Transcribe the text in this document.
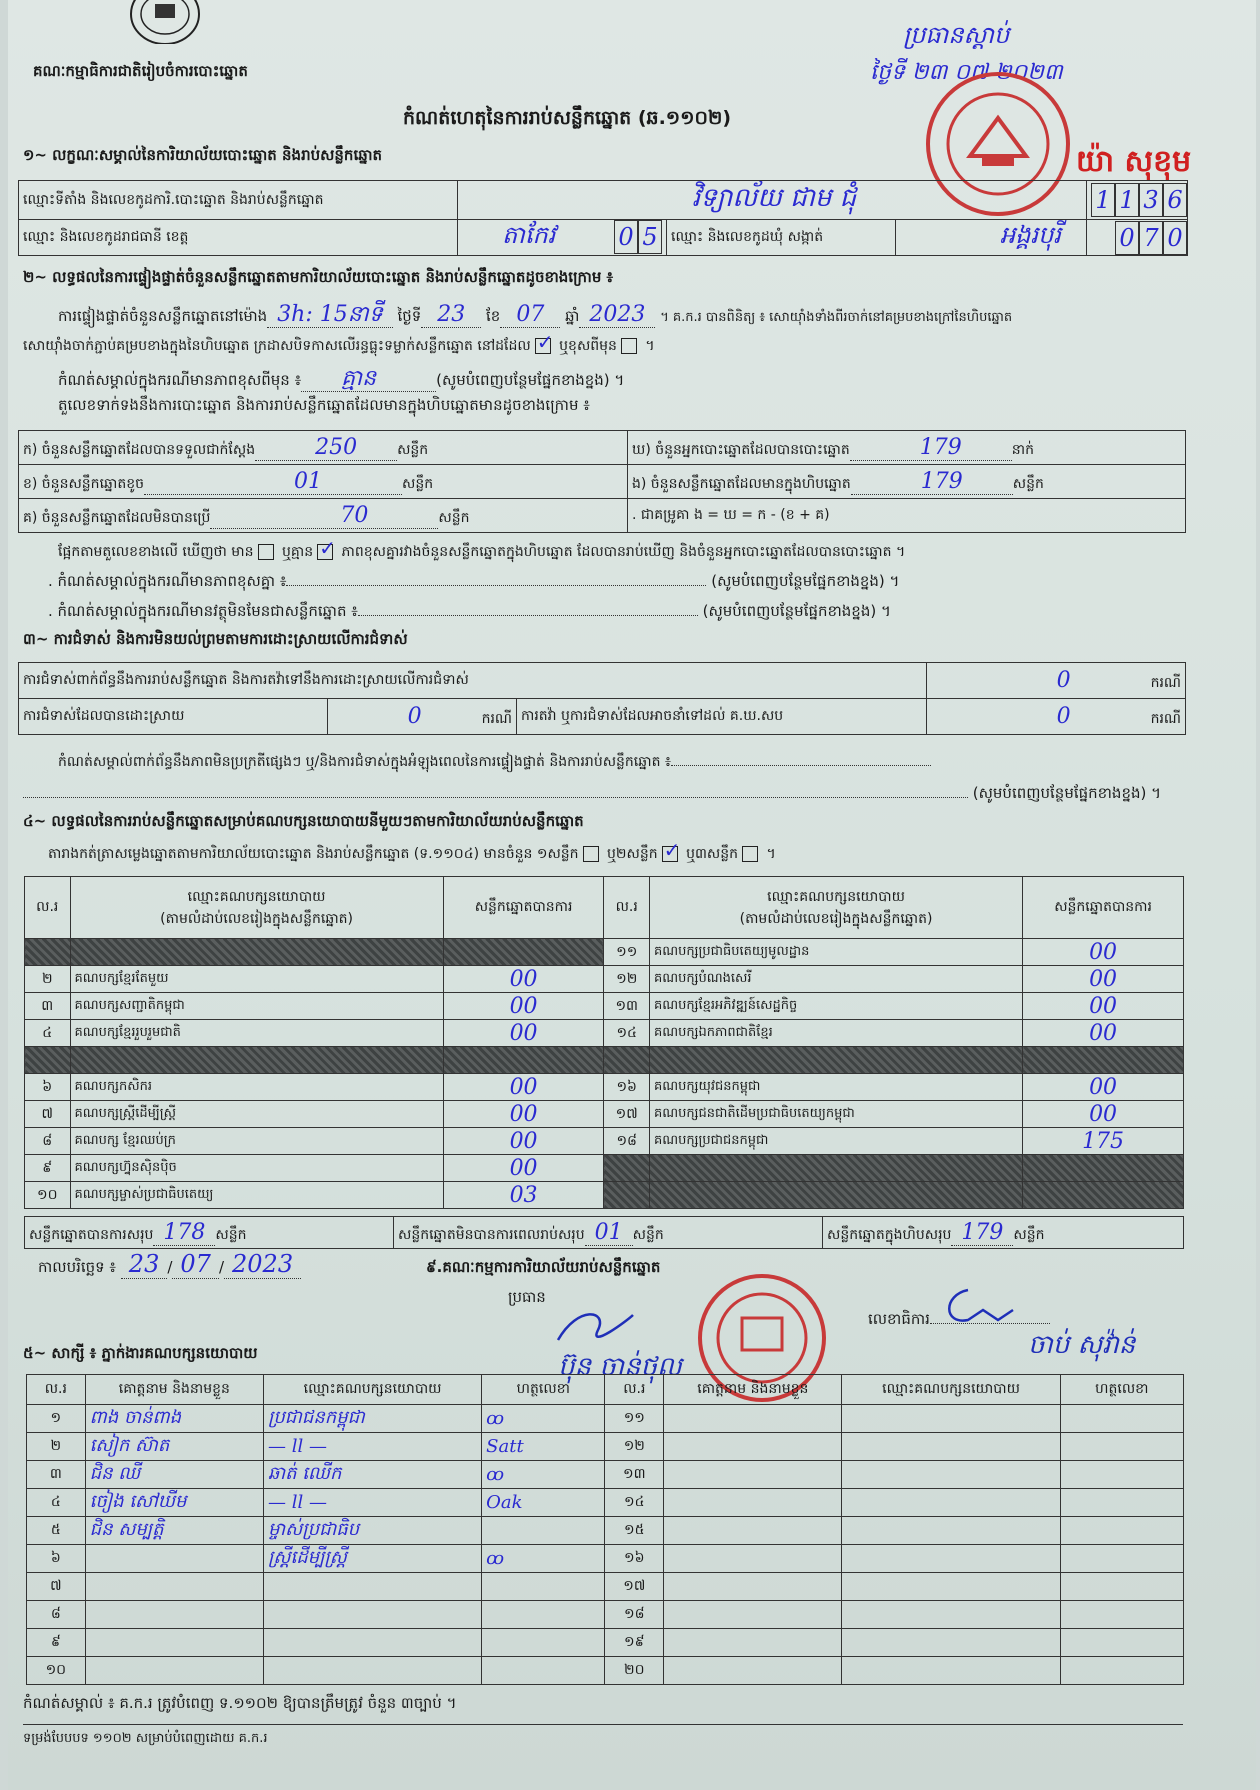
គណៈកម្មាធិការជាតិរៀបចំការបោះឆ្នោត
កំណត់ហេតុនៃការរាប់សន្លឹកឆ្នោត (ឆ.១១០២)
ប្រធានស្តាប់
ថ្ងៃទី ២៣ ០៧ ២០២៣
យ៉ា សុខុម
១~ លក្ខណៈសម្គាល់នៃការិយាល័យបោះឆ្នោត និងរាប់សន្លឹកឆ្នោត
ឈ្មោះទីតាំង និងលេខកូដការិ.បោះឆ្នោត និងរាប់សន្លឹកឆ្នោត	វិទ្យាល័យ ជាម ជុំ			1 1 3 6
ឈ្មោះ និងលេខកូដរាជធានី ខេត្ត	តាកែវ 0 5	ឈ្មោះ និងលេខកូដឃុំ សង្កាត់	អង្គរបុរី	0 7 0
២~ លទ្ធផលនៃការផ្ទៀងផ្ទាត់ចំនួនសន្លឹកឆ្នោតតាមការិយាល័យបោះឆ្នោត និងរាប់សន្លឹកឆ្នោតដូចខាងក្រោម ៖
ការផ្ទៀងផ្ទាត់ចំនួនសន្លឹកឆ្នោតនៅម៉ោង 3h: 15នាទី ថ្ងៃទី 23 ខែ 07 ឆ្នាំ 2023 ។ គ.ក.រ បានពិនិត្យ ៖ សោយ៉ាំងទាំងពីរចាក់នៅគម្របខាងក្រៅនៃហិបឆ្នោត
សោយ៉ាំងចាក់ភ្ជាប់គម្របខាងក្នុងនៃហិបឆ្នោត ក្រដាសបិទកាសលើរន្ធធ្លុះទម្លាក់សន្លឹកឆ្នោត នៅដដែល ✓ ឬខុសពីមុន ។
កំណត់សម្គាល់ក្នុងករណីមានភាពខុសពីមុន ៖ គ្មាន	(សូមបំពេញបន្ថែមផ្នែកខាងខ្នង) ។
តួលេខទាក់ទងនឹងការបោះឆ្នោត និងការរាប់សន្លឹកឆ្នោតដែលមានក្នុងហិបឆ្នោតមានដូចខាងក្រោម ៖
ក) ចំនួនសន្លឹកឆ្នោតដែលបានទទួលជាក់ស្តែង 250 សន្លឹក	ឃ) ចំនួនអ្នកបោះឆ្នោតដែលបានបោះឆ្នោត 179 នាក់
ខ) ចំនួនសន្លឹកឆ្នោតខូច 01 សន្លឹក	ង) ចំនួនសន្លឹកឆ្នោតដែលមានក្នុងហិបឆ្នោត 179 សន្លឹក
គ) ចំនួនសន្លឹកឆ្នោតដែលមិនបានប្រើ 70 សន្លឹក	. ជាគម្រូគា ង = ឃ = ក - (ខ + គ)
ផ្អែកតាមតួលេខខាងលើ ឃើញថា មាន ឬគ្មាន ✓ ភាពខុសគ្នារវាងចំនួនសន្លឹកឆ្នោតក្នុងហិបឆ្នោត ដែលបានរាប់ឃើញ និងចំនួនអ្នកបោះឆ្នោតដែលបានបោះឆ្នោត ។
. កំណត់សម្គាល់ក្នុងករណីមានភាពខុសគ្នា ៖	(សូមបំពេញបន្ថែមផ្នែកខាងខ្នង) ។
. កំណត់សម្គាល់ក្នុងករណីមានវត្ថុមិនមែនជាសន្លឹកឆ្នោត ៖	(សូមបំពេញបន្ថែមផ្នែកខាងខ្នង) ។
៣~ ការជំទាស់ និងការមិនយល់ព្រមតាមការដោះស្រាយលើការជំទាស់
ការជំទាស់ពាក់ព័ន្ធនឹងការរាប់សន្លឹកឆ្នោត និងការតវ៉ាទៅនឹងការដោះស្រាយលើការជំទាស់			0 ករណី
ការជំទាស់ដែលបានដោះស្រាយ	0 ករណី	ការតវ៉ា ឬការជំទាស់ដែលអាចនាំទៅដល់ គ.ឃ.សប	0 ករណី
កំណត់សម្គាល់ពាក់ព័ន្ធនឹងភាពមិនប្រក្រតីផ្សេងៗ ឬ/និងការជំទាស់ក្នុងអំឡុងពេលនៃការផ្ទៀងផ្ទាត់ និងការរាប់សន្លឹកឆ្នោត ៖
(សូមបំពេញបន្ថែមផ្នែកខាងខ្នង) ។
៤~ លទ្ធផលនៃការរាប់សន្លឹកឆ្នោតសម្រាប់គណបក្សនយោបាយនីមួយៗតាមការិយាល័យរាប់សន្លឹកឆ្នោត
តារាងកត់ត្រាសម្លេងឆ្នោតតាមការិយាល័យបោះឆ្នោត និងរាប់សន្លឹកឆ្នោត (ទ.១១០៤) មានចំនួន ១សន្លឹក ឬ២សន្លឹក ✓ ឬ៣សន្លឹក ។
ល.រ	ឈ្មោះគណបក្សនយោបាយ
(តាមលំដាប់លេខរៀងក្នុងសន្លឹកឆ្នោត)	សន្លឹកឆ្នោតបានការ	ល.រ	ឈ្មោះគណបក្សនយោបាយ
(តាមលំដាប់លេខរៀងក្នុងសន្លឹកឆ្នោត)	សន្លឹកឆ្នោតបានការ
			១១	គណបក្សប្រជាធិបតេយ្យមូលដ្ឋាន	00
២	គណបក្សខ្មែរតែមួយ	00	១២	គណបក្សបំណងសេរី	00
៣	គណបក្សសញ្ជាតិកម្ពុជា	00	១៣	គណបក្សខ្មែរអភិវឌ្ឍន៍សេដ្ឋកិច្ច	00
៤	គណបក្សខ្មែររួបរួមជាតិ	00	១៤	គណបក្សឯកភាពជាតិខ្មែរ	00

៦	គណបក្សកសិករ	00	១៦	គណបក្សយុវជនកម្ពុជា	00
៧	គណបក្សស្ត្រីដើម្បីស្ត្រី	00	១៧	គណបក្សជនជាតិដើមប្រជាធិបតេយ្យកម្ពុជា	00
៨	គណបក្ស ខ្មែរឈប់ក្រ	00	១៨	គណបក្សប្រជាជនកម្ពុជា	175
៩	គណបក្សហ្វ៊ុនស៊ិនប៉ិច	00			
១០	គណបក្សម្ចាស់ប្រជាធិបតេយ្យ	03			
សន្លឹកឆ្នោតបានការសរុប 178 សន្លឹក	សន្លឹកឆ្នោតមិនបានការពេលរាប់សរុប 01 សន្លឹក	សន្លឹកឆ្នោតក្នុងហិបសរុប 179 សន្លឹក
កាលបរិច្ឆេទ ៖ 23 / 07 / 2023	៩.គណៈកម្មការការិយាល័យរាប់សន្លឹកឆ្នោត
ប្រធាន
ប៊ុន ចាន់ថុល
លេខាធិការ
ចាប់ សុវ៉ាន់
៥~ សាក្សី ៖ ភ្នាក់ងារគណបក្សនយោបាយ
ល.រ	គោត្តនាម និងនាមខ្លួន	ឈ្មោះគណបក្សនយោបាយ	ហត្ថលេខា	ល.រ	គោត្តនាម និងនាមខ្លួន	ឈ្មោះគណបក្សនយោបាយ	ហត្ថលេខា
១	ពាង ចាន់ពាង	ប្រជាជនកម្ពុជា	ꝏ	១១			
២	សៀក ស៊ាត	— ll —	Satt	១២			
៣	ជិន ឈី	ឆាត់ ឈើក	ꝏ	១៣			
៤	ចៀង សៅឃីម	— ll —	Oak	១៤			
៥	ជិន សម្បត្តិ	ម្ចាស់ប្រជាធិប		១៥			
៦		ស្ត្រីដើម្បីស្ត្រី	ꝏ	១៦			
៧				១៧			
៨				១៨			
៩				១៩			
១០				២០			
កំណត់សម្គាល់ ៖ គ.ក.រ ត្រូវបំពេញ ទ.១១០២ ឱ្យបានត្រឹមត្រូវ ចំនួន ៣ច្បាប់ ។
ទម្រង់បែបបទ ១១០២ សម្រាប់បំពេញដោយ គ.ក.រ
